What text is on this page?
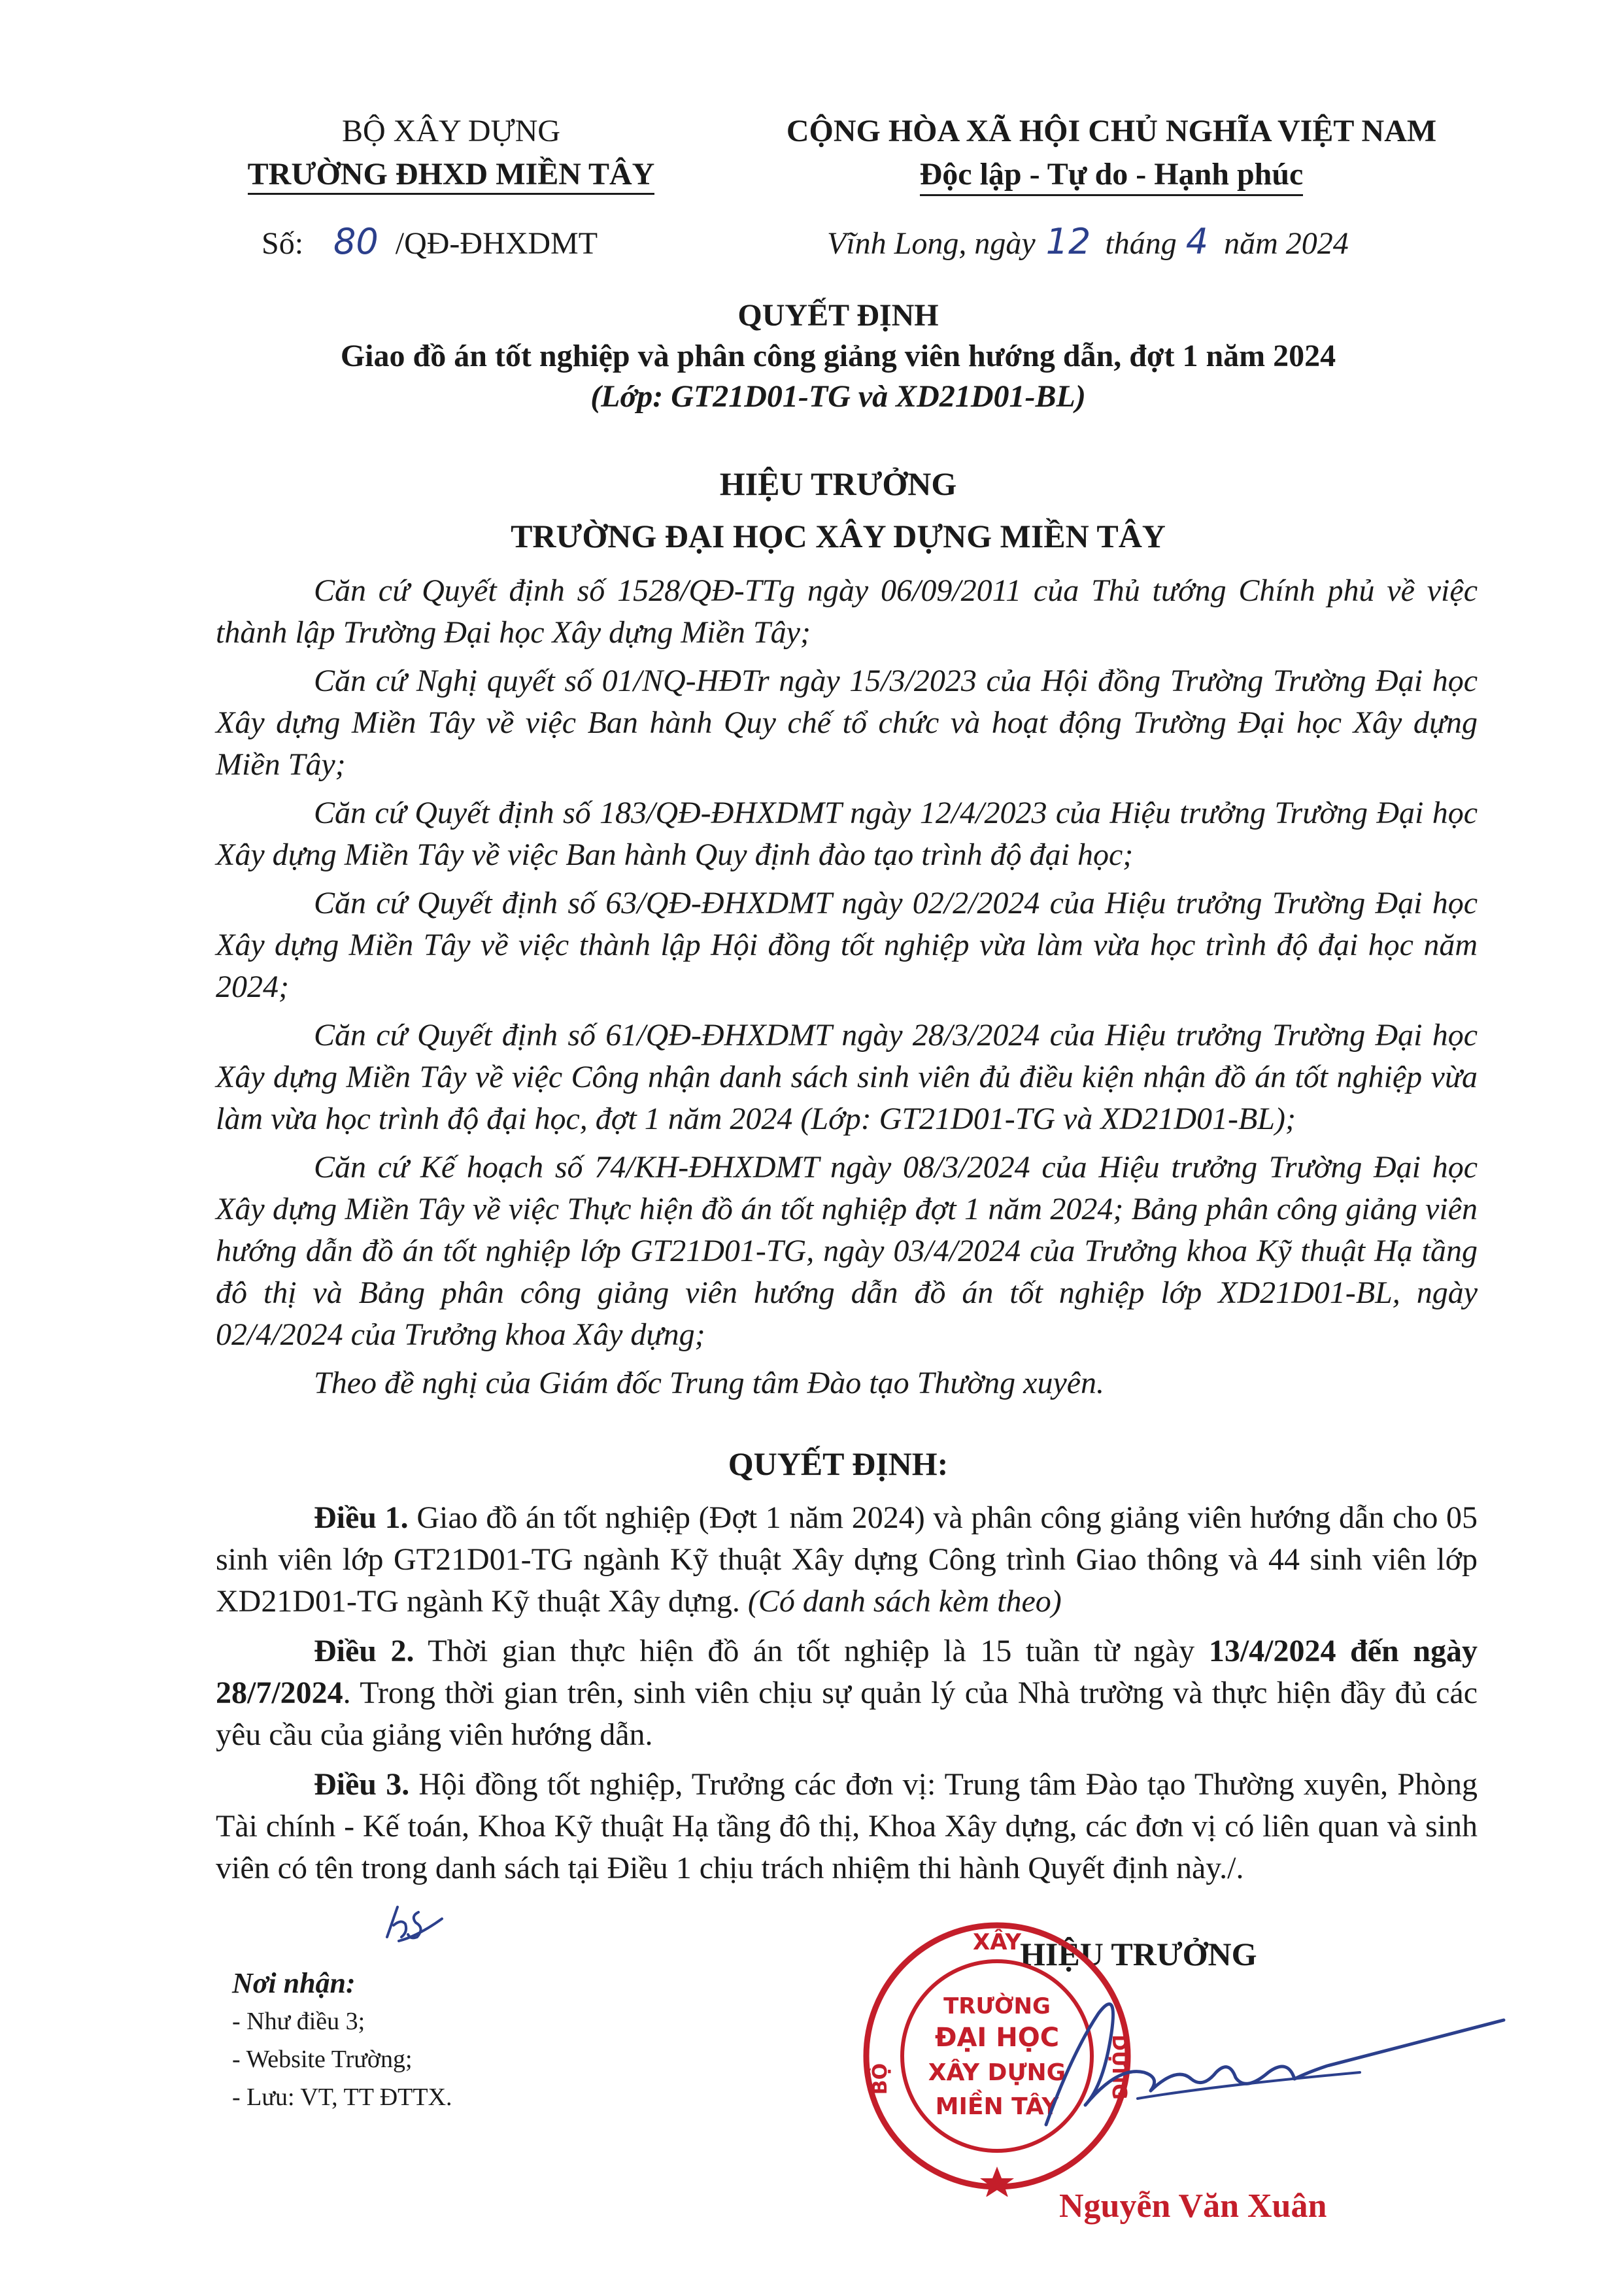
BỘ XÂY DỰNG
TRƯỜNG ĐHXD MIỀN TÂY
CỘNG HÒA XÃ HỘI CHỦ NGHĨA VIỆT NAM
Độc lập - Tự do - Hạnh phúc
Số: 80 /QĐ-ĐHXDMT	Vĩnh Long, ngày 12 tháng 4 năm 2024
QUYẾT ĐỊNH
Giao đồ án tốt nghiệp và phân công giảng viên hướng dẫn, đợt 1 năm 2024
(Lớp: GT21D01-TG và XD21D01-BL)
HIỆU TRƯỞNG
TRƯỜNG ĐẠI HỌC XÂY DỰNG MIỀN TÂY

Căn cứ Quyết định số 1528/QĐ-TTg ngày 06/09/2011 của Thủ tướng Chính phủ về việc thành lập Trường Đại học Xây dựng Miền Tây;

Căn cứ Nghị quyết số 01/NQ-HĐTr ngày 15/3/2023 của Hội đồng Trường Trường Đại học Xây dựng Miền Tây về việc Ban hành Quy chế tổ chức và hoạt động Trường Đại học Xây dựng Miền Tây;

Căn cứ Quyết định số 183/QĐ-ĐHXDMT ngày 12/4/2023 của Hiệu trưởng Trường Đại học Xây dựng Miền Tây về việc Ban hành Quy định đào tạo trình độ đại học;

Căn cứ Quyết định số 63/QĐ-ĐHXDMT ngày 02/2/2024 của Hiệu trưởng Trường Đại học Xây dựng Miền Tây về việc thành lập Hội đồng tốt nghiệp vừa làm vừa học trình độ đại học năm 2024;

Căn cứ Quyết định số 61/QĐ-ĐHXDMT ngày 28/3/2024 của Hiệu trưởng Trường Đại học Xây dựng Miền Tây về việc Công nhận danh sách sinh viên đủ điều kiện nhận đồ án tốt nghiệp vừa làm vừa học trình độ đại học, đợt 1 năm 2024 (Lớp: GT21D01-TG và XD21D01-BL);

Căn cứ Kế hoạch số 74/KH-ĐHXDMT ngày 08/3/2024 của Hiệu trưởng Trường Đại học Xây dựng Miền Tây về việc Thực hiện đồ án tốt nghiệp đợt 1 năm 2024; Bảng phân công giảng viên hướng dẫn đồ án tốt nghiệp lớp GT21D01-TG, ngày 03/4/2024 của Trưởng khoa Kỹ thuật Hạ tầng đô thị và Bảng phân công giảng viên hướng dẫn đồ án tốt nghiệp lớp XD21D01-BL, ngày 02/4/2024 của Trưởng khoa Xây dựng;

Theo đề nghị của Giám đốc Trung tâm Đào tạo Thường xuyên.

QUYẾT ĐỊNH:

Điều 1. Giao đồ án tốt nghiệp (Đợt 1 năm 2024) và phân công giảng viên hướng dẫn cho 05 sinh viên lớp GT21D01-TG ngành Kỹ thuật Xây dựng Công trình Giao thông và 44 sinh viên lớp XD21D01-TG ngành Kỹ thuật Xây dựng. (Có danh sách kèm theo)

Điều 2. Thời gian thực hiện đồ án tốt nghiệp là 15 tuần từ ngày 13/4/2024 đến ngày 28/7/2024. Trong thời gian trên, sinh viên chịu sự quản lý của Nhà trường và thực hiện đầy đủ các yêu cầu của giảng viên hướng dẫn.

Điều 3. Hội đồng tốt nghiệp, Trưởng các đơn vị: Trung tâm Đào tạo Thường xuyên, Phòng Tài chính - Kế toán, Khoa Kỹ thuật Hạ tầng đô thị, Khoa Xây dựng, các đơn vị có liên quan và sinh viên có tên trong danh sách tại Điều 1 chịu trách nhiệm thi hành Quyết định này./.

Nơi nhận:
- Như điều 3;
- Website Trường;
- Lưu: VT, TT ĐTTX.
HIỆU TRƯỞNG
XÂY
DỰNG
BỘ
TRƯỜNG
ĐẠI HỌC
XÂY DỰNG
MIỀN TÂY
Nguyễn Văn Xuân
